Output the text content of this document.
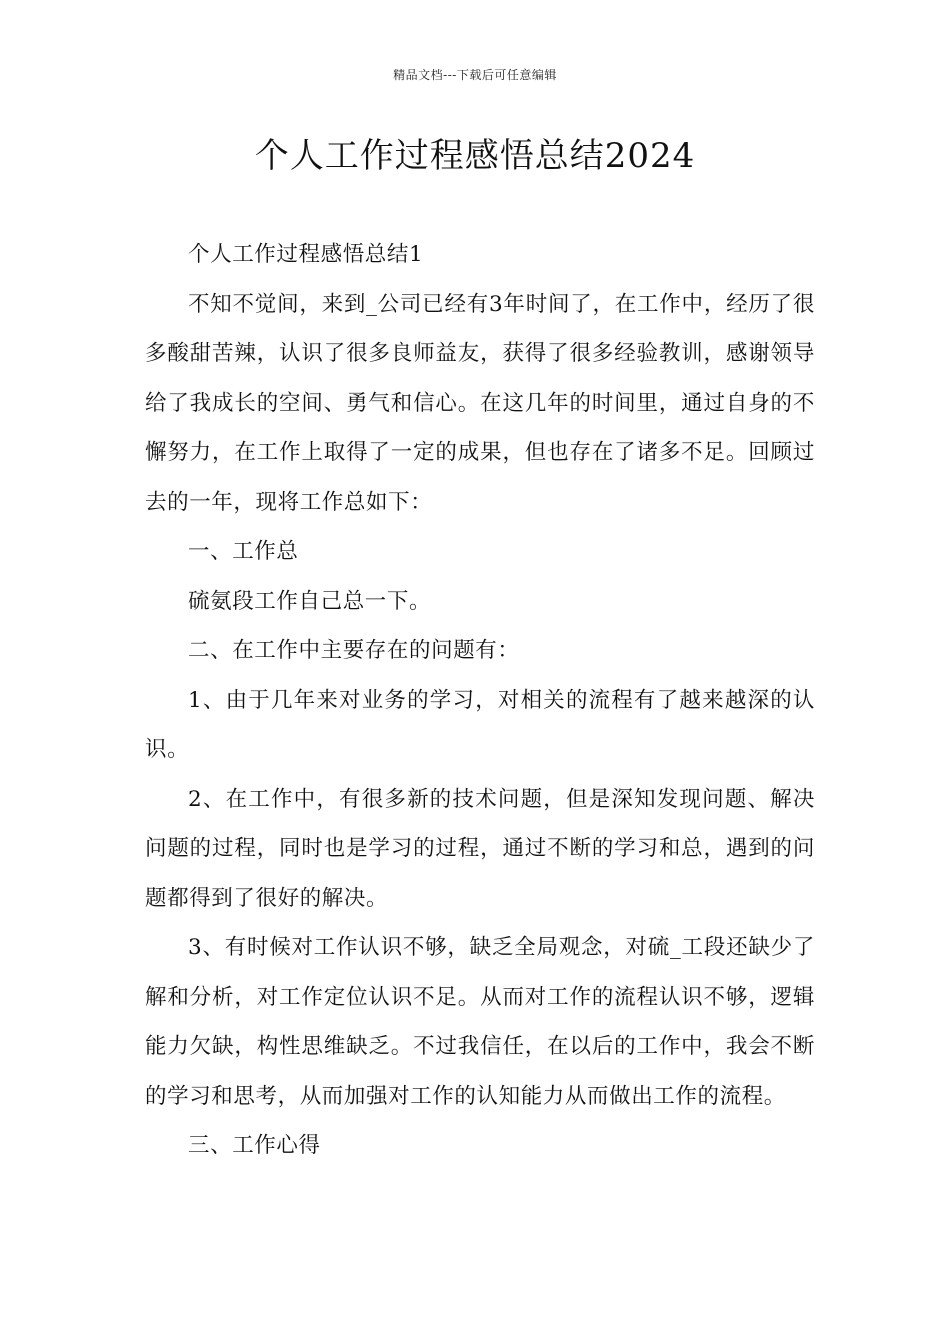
精品文档---下载后可任意编辑
个人工作过程感悟总结2024

个人工作过程感悟总结1

不知不觉间，来到_公司已经有3年时间了，在工作中，经历了很多酸甜苦辣，认识了很多良师益友，获得了很多经验教训，感谢领导给了我成长的空间、勇气和信心。在这几年的时间里，通过自身的不懈努力，在工作上取得了一定的成果，但也存在了诸多不足。回顾过去的一年，现将工作总如下：

一、工作总

硫氨段工作自己总一下。

二、在工作中主要存在的问题有：

1、由于几年来对业务的学习，对相关的流程有了越来越深的认识。

2、在工作中，有很多新的技术问题，但是深知发现问题、解决问题的过程，同时也是学习的过程，通过不断的学习和总，遇到的问题都得到了很好的解决。

3、有时候对工作认识不够，缺乏全局观念，对硫_工段还缺少了解和分析，对工作定位认识不足。从而对工作的流程认识不够，逻辑能力欠缺，构性思维缺乏。不过我信任，在以后的工作中，我会不断的学习和思考，从而加强对工作的认知能力从而做出工作的流程。

三、工作心得
